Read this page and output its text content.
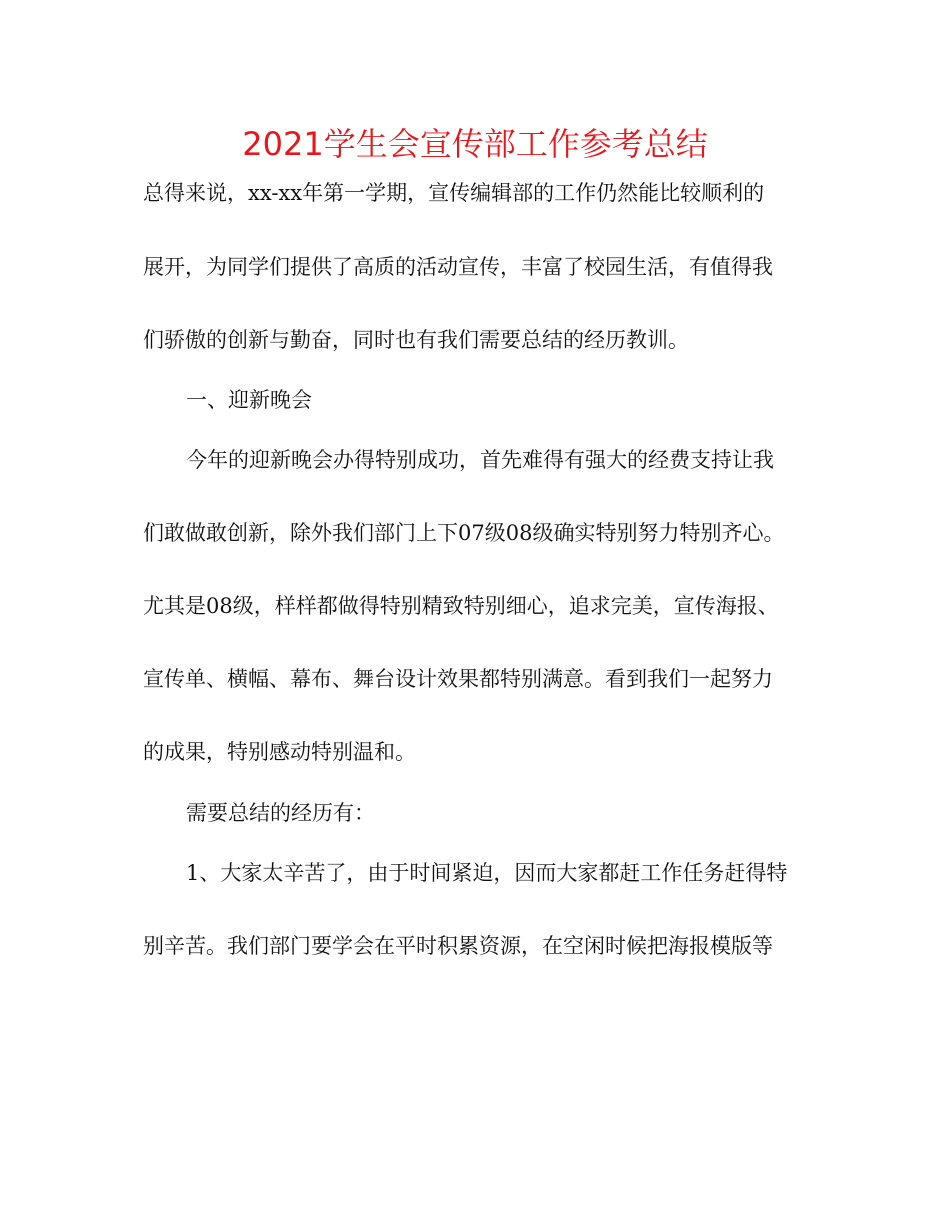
2021学生会宣传部工作参考总结

总得来说，xx-xx年第一学期，宣传编辑部的工作仍然能比较顺利的

展开，为同学们提供了高质的活动宣传，丰富了校园生活，有值得我

们骄傲的创新与勤奋，同时也有我们需要总结的经历教训。

一、迎新晚会

今年的迎新晚会办得特别成功，首先难得有强大的经费支持让我

们敢做敢创新，除外我们部门上下07级08级确实特别努力特别齐心。

尤其是08级，样样都做得特别精致特别细心，追求完美，宣传海报、

宣传单、横幅、幕布、舞台设计效果都特别满意。看到我们一起努力

的成果，特别感动特别温和。

需要总结的经历有：

1、大家太辛苦了，由于时间紧迫，因而大家都赶工作任务赶得特

别辛苦。我们部门要学会在平时积累资源，在空闲时候把海报模版等
